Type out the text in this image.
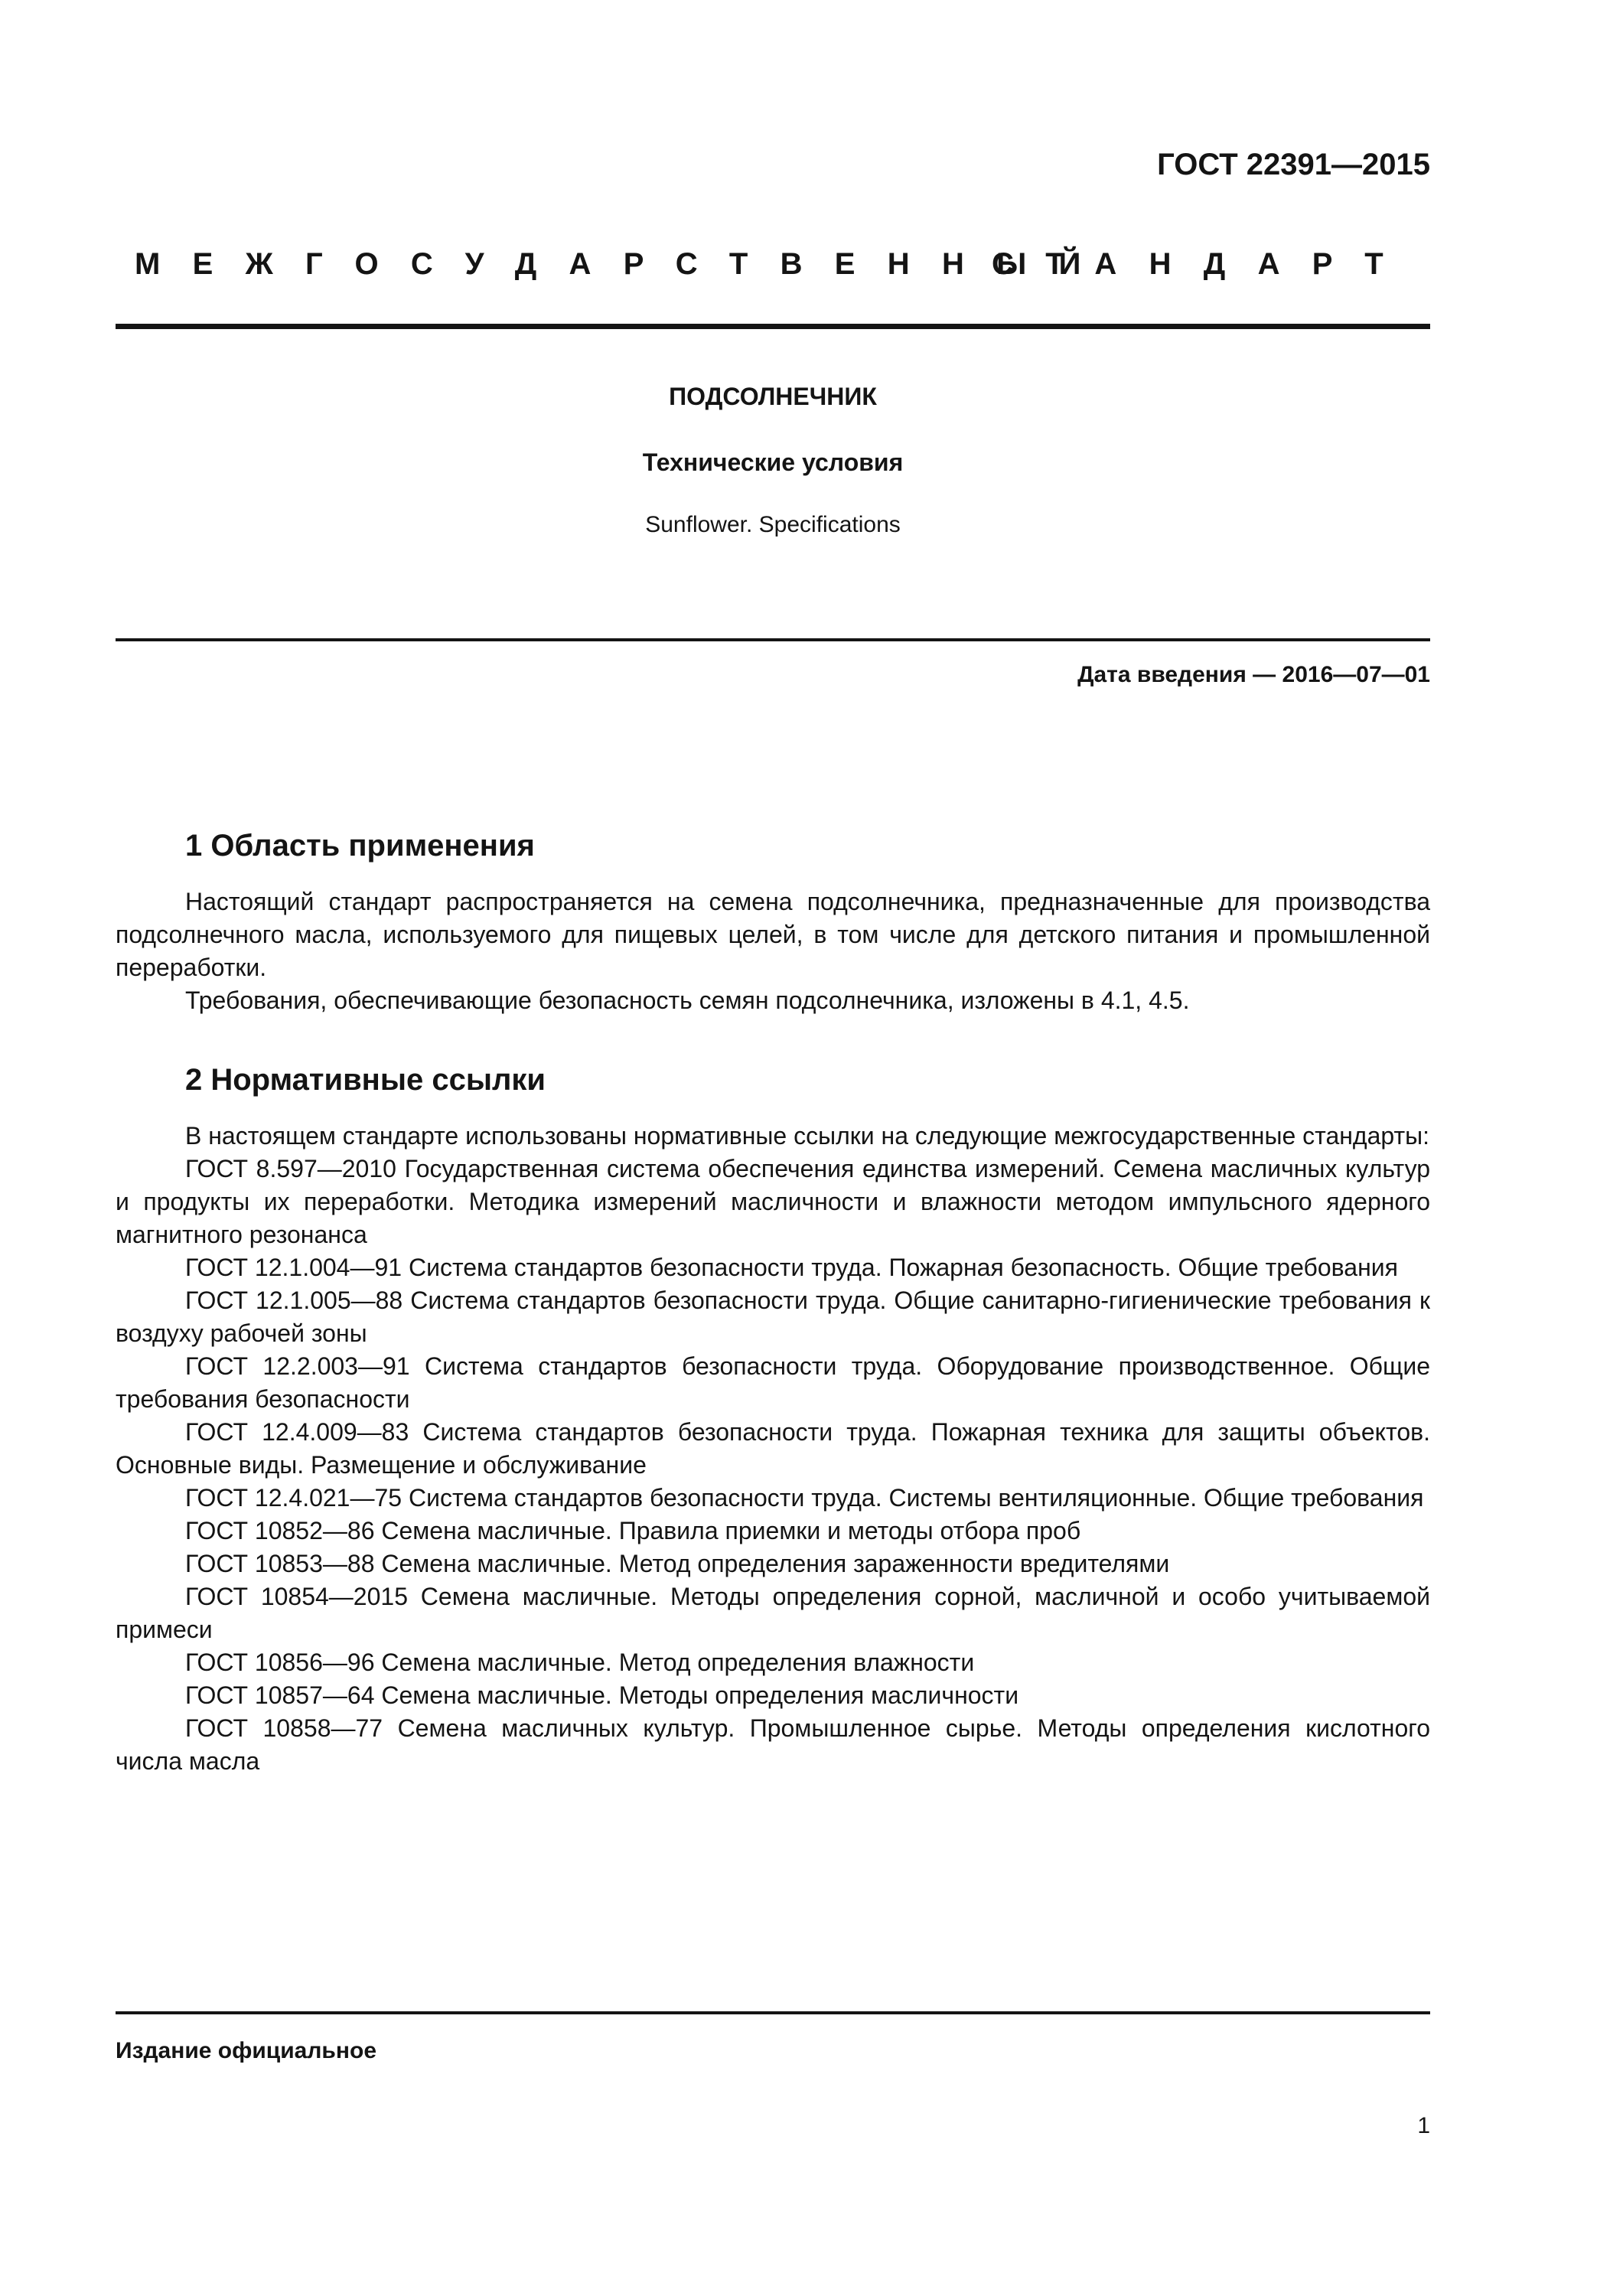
ГОСТ 22391—2015
МЕЖГОСУДАРСТВЕННЫЙ
СТАНДАРТ
ПОДСОЛНЕЧНИК
Технические условия
Sunflower. Specifications
Дата введения — 2016—07—01
1 Область применения

Настоящий стандарт распространяется на семена подсолнечника, предназначенные для производства подсолнечного масла, используемого для пищевых целей, в том числе для детского питания и промышленной переработки.

Требования, обеспечивающие безопасность семян подсолнечника, изложены в 4.1, 4.5.

2 Нормативные ссылки

В настоящем стандарте использованы нормативные ссылки на следующие межгосударственные стандарты:

ГОСТ 8.597—2010 Государственная система обеспечения единства измерений. Семена масличных культур и продукты их переработки. Методика измерений масличности и влажности методом импульсного ядерного магнитного резонанса

ГОСТ 12.1.004—91 Система стандартов безопасности труда. Пожарная безопасность. Общие требования

ГОСТ 12.1.005—88 Система стандартов безопасности труда. Общие санитарно-гигиенические требования к воздуху рабочей зоны

ГОСТ 12.2.003—91 Система стандартов безопасности труда. Оборудование производственное. Общие требования безопасности

ГОСТ 12.4.009—83 Система стандартов безопасности труда. Пожарная техника для защиты объектов. Основные виды. Размещение и обслуживание

ГОСТ 12.4.021—75 Система стандартов безопасности труда. Системы вентиляционные. Общие требования

ГОСТ 10852—86 Семена масличные. Правила приемки и методы отбора проб

ГОСТ 10853—88 Семена масличные. Метод определения зараженности вредителями

ГОСТ 10854—2015 Семена масличные. Методы определения сорной, масличной и особо учитываемой примеси

ГОСТ 10856—96 Семена масличные. Метод определения влажности

ГОСТ 10857—64 Семена масличные. Методы определения масличности

ГОСТ 10858—77 Семена масличных культур. Промышленное сырье. Методы определения кислотного числа масла

Издание официальное
1
